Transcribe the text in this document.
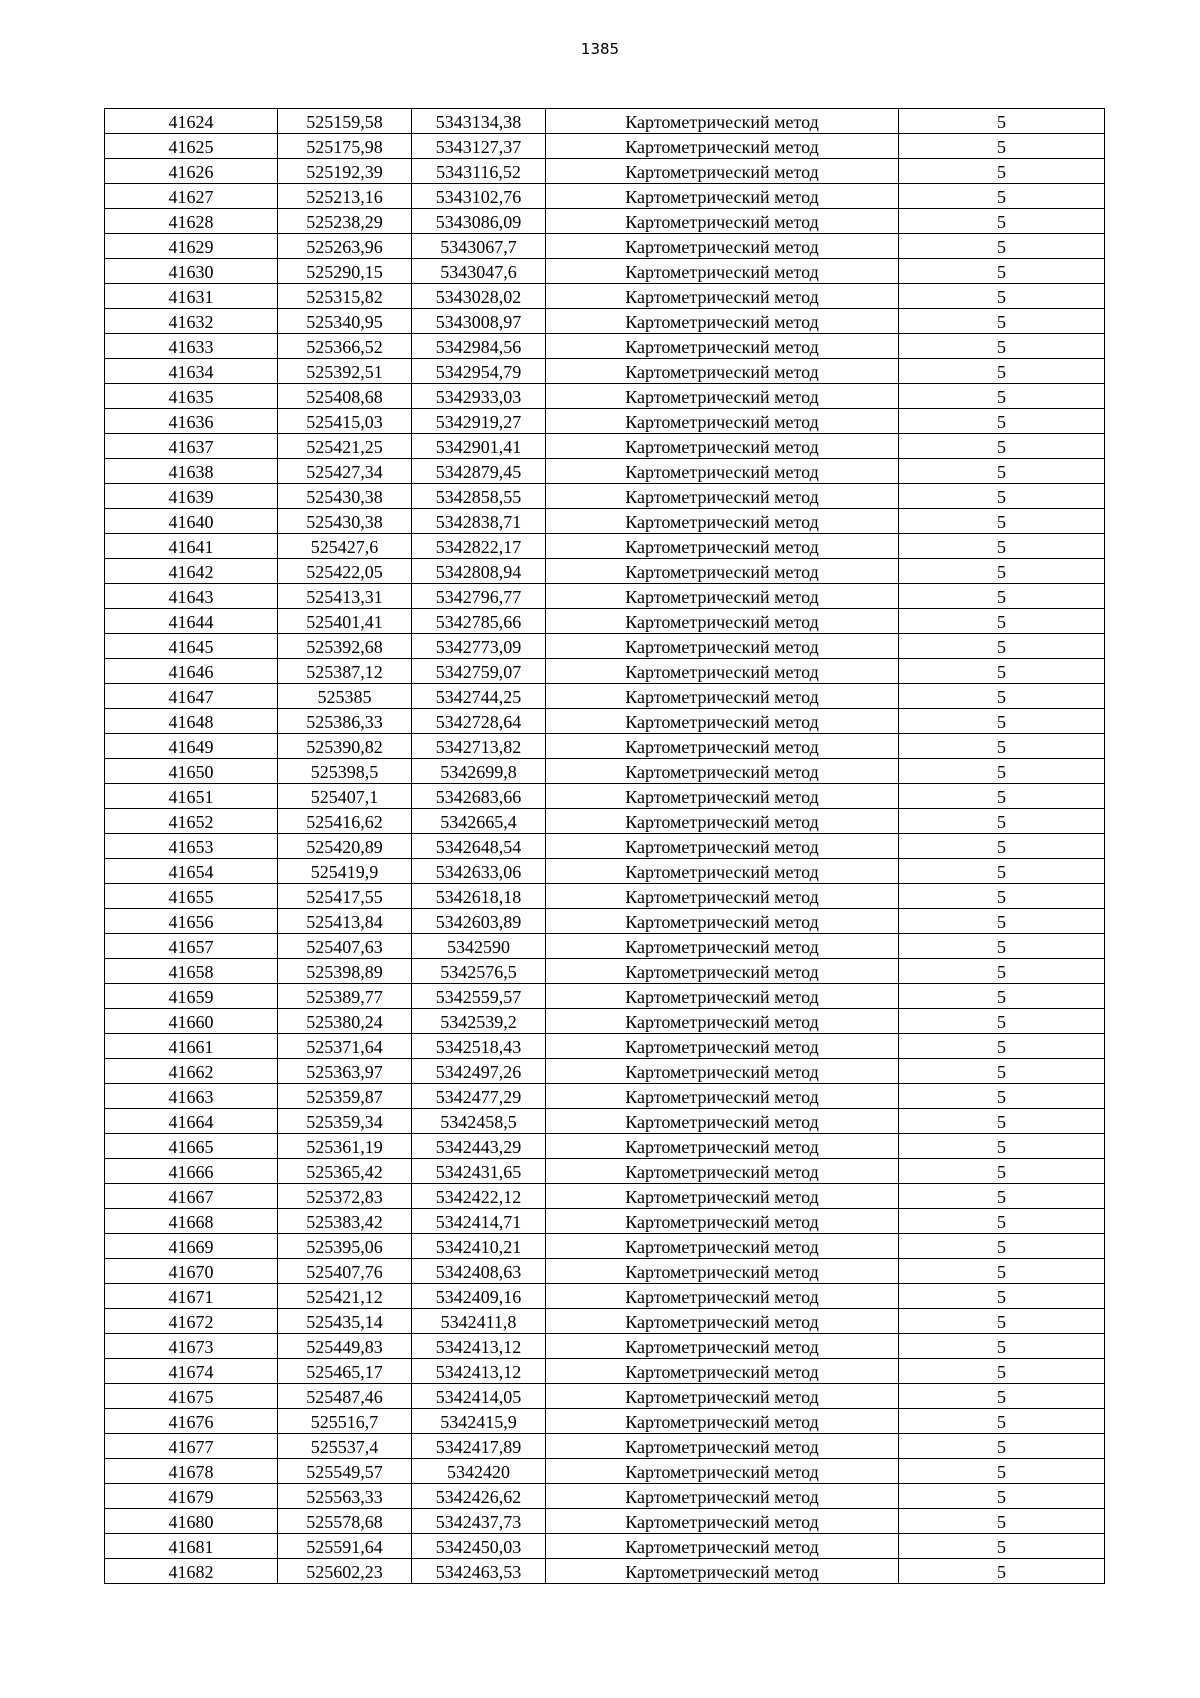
1385
41624	525159,58	5343134,38	Картометрический метод	5
41625	525175,98	5343127,37	Картометрический метод	5
41626	525192,39	5343116,52	Картометрический метод	5
41627	525213,16	5343102,76	Картометрический метод	5
41628	525238,29	5343086,09	Картометрический метод	5
41629	525263,96	5343067,7	Картометрический метод	5
41630	525290,15	5343047,6	Картометрический метод	5
41631	525315,82	5343028,02	Картометрический метод	5
41632	525340,95	5343008,97	Картометрический метод	5
41633	525366,52	5342984,56	Картометрический метод	5
41634	525392,51	5342954,79	Картометрический метод	5
41635	525408,68	5342933,03	Картометрический метод	5
41636	525415,03	5342919,27	Картометрический метод	5
41637	525421,25	5342901,41	Картометрический метод	5
41638	525427,34	5342879,45	Картометрический метод	5
41639	525430,38	5342858,55	Картометрический метод	5
41640	525430,38	5342838,71	Картометрический метод	5
41641	525427,6	5342822,17	Картометрический метод	5
41642	525422,05	5342808,94	Картометрический метод	5
41643	525413,31	5342796,77	Картометрический метод	5
41644	525401,41	5342785,66	Картометрический метод	5
41645	525392,68	5342773,09	Картометрический метод	5
41646	525387,12	5342759,07	Картометрический метод	5
41647	525385	5342744,25	Картометрический метод	5
41648	525386,33	5342728,64	Картометрический метод	5
41649	525390,82	5342713,82	Картометрический метод	5
41650	525398,5	5342699,8	Картометрический метод	5
41651	525407,1	5342683,66	Картометрический метод	5
41652	525416,62	5342665,4	Картометрический метод	5
41653	525420,89	5342648,54	Картометрический метод	5
41654	525419,9	5342633,06	Картометрический метод	5
41655	525417,55	5342618,18	Картометрический метод	5
41656	525413,84	5342603,89	Картометрический метод	5
41657	525407,63	5342590	Картометрический метод	5
41658	525398,89	5342576,5	Картометрический метод	5
41659	525389,77	5342559,57	Картометрический метод	5
41660	525380,24	5342539,2	Картометрический метод	5
41661	525371,64	5342518,43	Картометрический метод	5
41662	525363,97	5342497,26	Картометрический метод	5
41663	525359,87	5342477,29	Картометрический метод	5
41664	525359,34	5342458,5	Картометрический метод	5
41665	525361,19	5342443,29	Картометрический метод	5
41666	525365,42	5342431,65	Картометрический метод	5
41667	525372,83	5342422,12	Картометрический метод	5
41668	525383,42	5342414,71	Картометрический метод	5
41669	525395,06	5342410,21	Картометрический метод	5
41670	525407,76	5342408,63	Картометрический метод	5
41671	525421,12	5342409,16	Картометрический метод	5
41672	525435,14	5342411,8	Картометрический метод	5
41673	525449,83	5342413,12	Картометрический метод	5
41674	525465,17	5342413,12	Картометрический метод	5
41675	525487,46	5342414,05	Картометрический метод	5
41676	525516,7	5342415,9	Картометрический метод	5
41677	525537,4	5342417,89	Картометрический метод	5
41678	525549,57	5342420	Картометрический метод	5
41679	525563,33	5342426,62	Картометрический метод	5
41680	525578,68	5342437,73	Картометрический метод	5
41681	525591,64	5342450,03	Картометрический метод	5
41682	525602,23	5342463,53	Картометрический метод	5
